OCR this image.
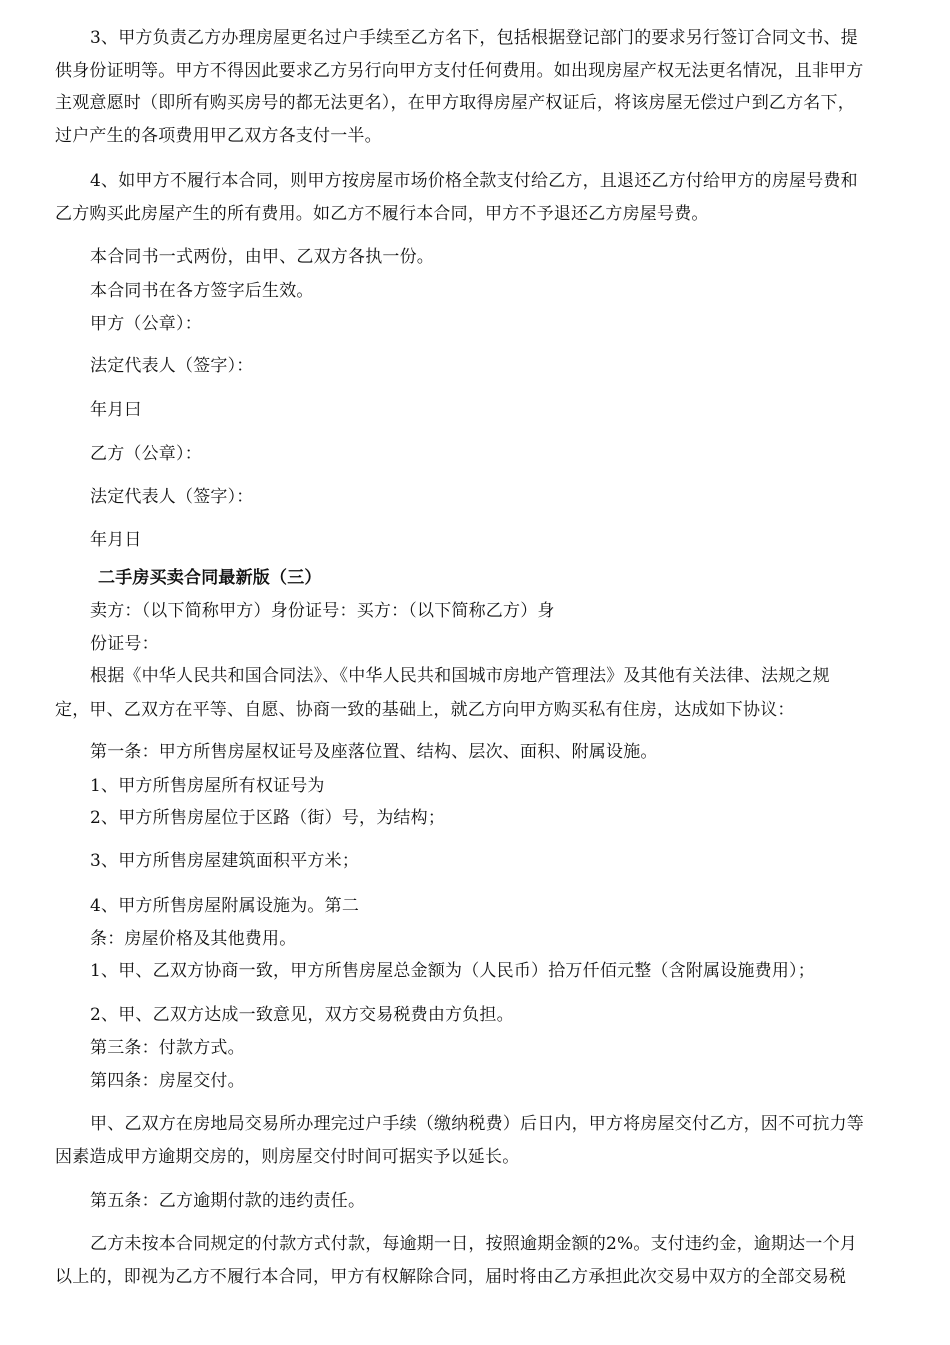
3、甲方负责乙方办理房屋更名过户手续至乙方名下，包括根据登记部门的要求另行签订合同文书、提
供身份证明等。甲方不得因此要求乙方另行向甲方支付任何费用。如出现房屋产权无法更名情况，且非甲方
主观意愿时（即所有购买房号的都无法更名），在甲方取得房屋产权证后，将该房屋无偿过户到乙方名下，
过户产生的各项费用甲乙双方各支付一半。
4、如甲方不履行本合同，则甲方按房屋市场价格全款支付给乙方，且退还乙方付给甲方的房屋号费和
乙方购买此房屋产生的所有费用。如乙方不履行本合同，甲方不予退还乙方房屋号费。
本合同书一式两份，由甲、乙双方各执一份。
本合同书在各方签字后生效。
甲方（公章）：
法定代表人（签字）：
年月曰
乙方（公章）：
法定代表人（签字）：
年月日
二手房买卖合同最新版（三）
卖方：（以下简称甲方）身份证号：买方：（以下简称乙方）身
份证号：
根据《中华人民共和国合同法》、《中华人民共和国城市房地产管理法》及其他有关法律、法规之规
定，甲、乙双方在平等、自愿、协商一致的基础上，就乙方向甲方购买私有住房，达成如下协议：
第一条：甲方所售房屋权证号及座落位置、结构、层次、面积、附属设施。
1、甲方所售房屋所有权证号为
2、甲方所售房屋位于区路（街）号，为结构；
3、甲方所售房屋建筑面积平方米；
4、甲方所售房屋附属设施为。第二
条：房屋价格及其他费用。
1、甲、乙双方协商一致，甲方所售房屋总金额为（人民币）拾万仟佰元整（含附属设施费用）；
2、甲、乙双方达成一致意见，双方交易税费由方负担。
第三条：付款方式。
第四条：房屋交付。
甲、乙双方在房地局交易所办理完过户手续（缴纳税费）后日内，甲方将房屋交付乙方，因不可抗力等
因素造成甲方逾期交房的，则房屋交付时间可据实予以延长。
第五条：乙方逾期付款的违约责任。
乙方未按本合同规定的付款方式付款，每逾期一日，按照逾期金额的2%。支付违约金，逾期达一个月
以上的，即视为乙方不履行本合同，甲方有权解除合同，届时将由乙方承担此次交易中双方的全部交易税
